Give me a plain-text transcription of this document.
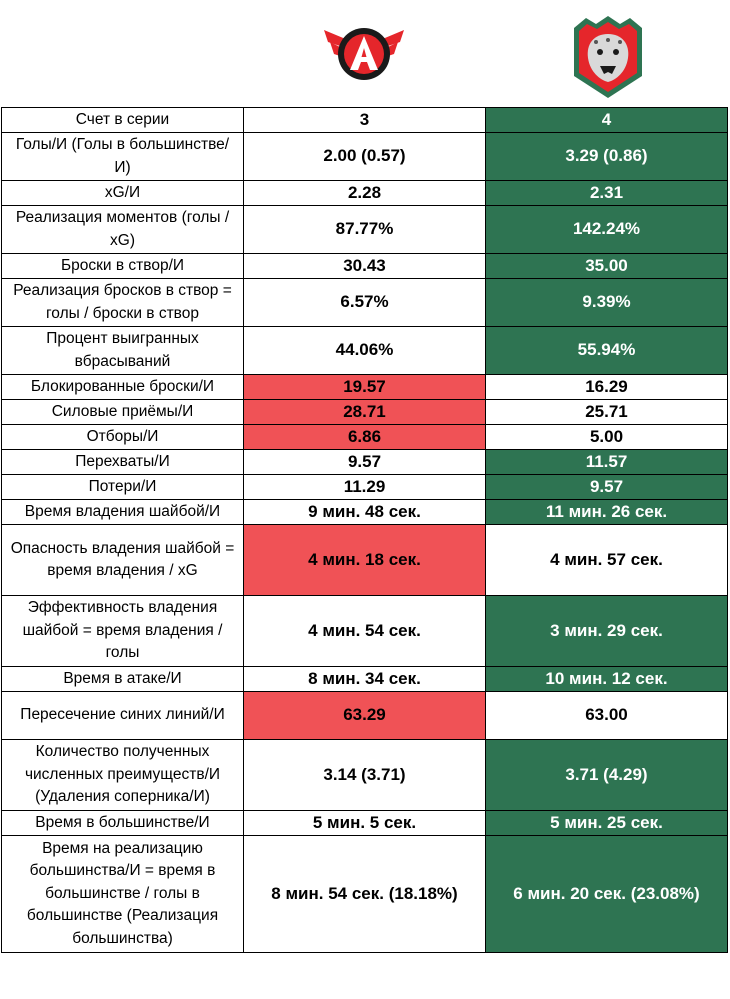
Счет в серии	3	4
Голы/И (Голы в большинстве/И)	2.00 (0.57)	3.29 (0.86)
xG/И	2.28	2.31
Реализация моментов (голы / xG)	87.77%	142.24%
Броски в створ/И	30.43	35.00
Реализация бросков в створ = голы / броски в створ	6.57%	9.39%
Процент выигранных вбрасываний	44.06%	55.94%
Блокированные броски/И	19.57	16.29
Силовые приёмы/И	28.71	25.71
Отборы/И	6.86	5.00
Перехваты/И	9.57	11.57
Потери/И	11.29	9.57
Время владения шайбой/И	9 мин. 48 сек.	11 мин. 26 сек.
Опасность владения шайбой = время владения / xG	4 мин. 18 сек.	4 мин. 57 сек.
Эффективность владения шайбой = время владения / голы	4 мин. 54 сек.	3 мин. 29 сек.
Время в атаке/И	8 мин. 34 сек.	10 мин. 12 сек.
Пересечение синих линий/И	63.29	63.00
Количество полученных численных преимуществ/И (Удаления соперника/И)	3.14 (3.71)	3.71 (4.29)
Время в большинстве/И	5 мин. 5 сек.	5 мин. 25 сек.
Время на реализацию большинства/И = время в большинстве / голы в большинстве (Реализация большинства)	8 мин. 54 сек. (18.18%)	6 мин. 20 сек. (23.08%)
